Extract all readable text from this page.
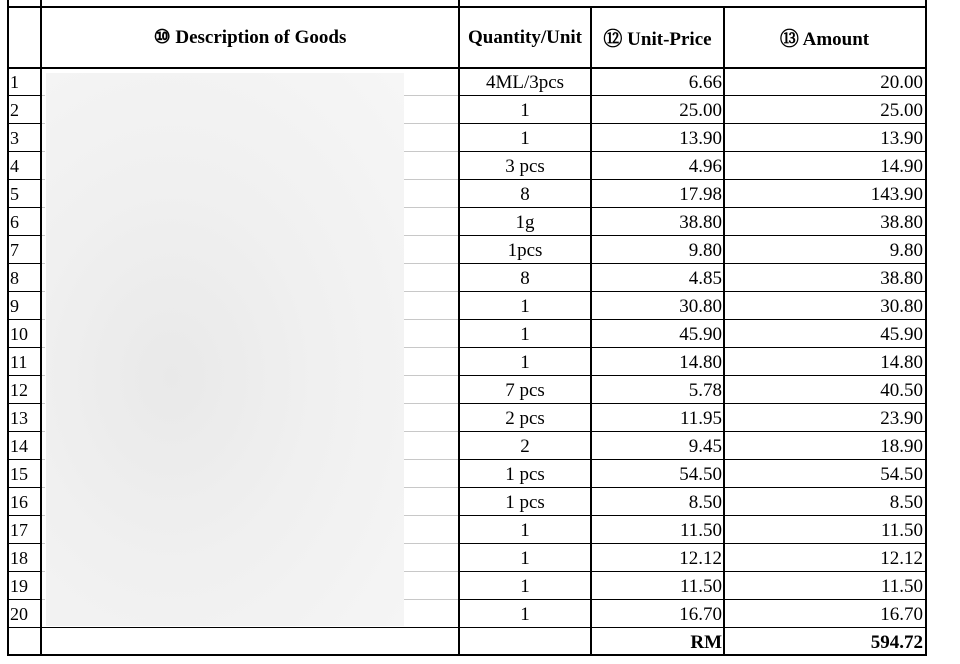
⑩ Description of Goods	Quantity/Unit	⑫ Unit-Price	⑬ Amount
1	4ML/3pcs	6.66	20.00
2	1	25.00	25.00
3	1	13.90	13.90
4	3 pcs	4.96	14.90
5	8	17.98	143.90
6	1g	38.80	38.80
7	1pcs	9.80	9.80
8	8	4.85	38.80
9	1	30.80	30.80
10	1	45.90	45.90
11	1	14.80	14.80
12	7 pcs	5.78	40.50
13	2 pcs	11.95	23.90
14	2	9.45	18.90
15	1 pcs	54.50	54.50
16	1 pcs	8.50	8.50
17	1	11.50	11.50
18	1	12.12	12.12
19	1	11.50	11.50
20	1	16.70	16.70
RM	594.72
